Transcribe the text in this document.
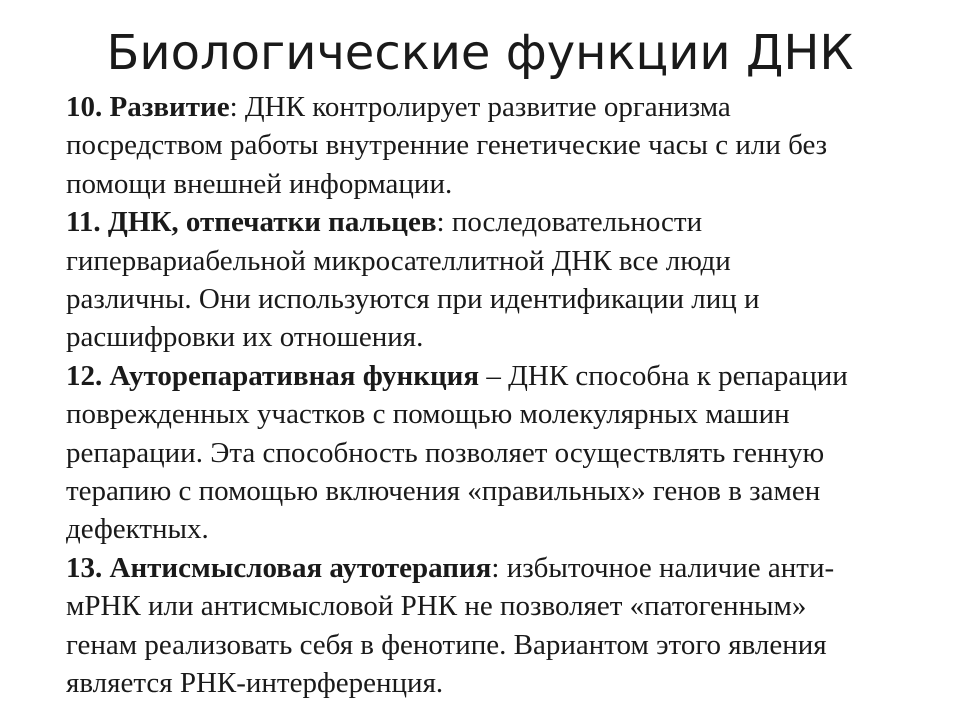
Биологические функции ДНК
10. Развитие: ДНК контролирует развитие организма
посредством работы внутренние генетические часы с или без
помощи внешней информации.
11. ДНК, отпечатки пальцев: последовательности
гипервариабельной микросателлитной ДНК все люди
различны. Они используются при идентификации лиц и
расшифровки их отношения.
12. Ауторепаративная функция – ДНК способна к репарации
поврежденных участков с помощью молекулярных машин
репарации. Эта способность позволяет осуществлять генную
терапию с помощью включения «правильных» генов в замен
дефектных.
13. Антисмысловая аутотерапия: избыточное наличие анти-
мРНК или антисмысловой РНК не позволяет «патогенным»
генам реализовать себя в фенотипе. Вариантом этого явления
является РНК-интерференция.
